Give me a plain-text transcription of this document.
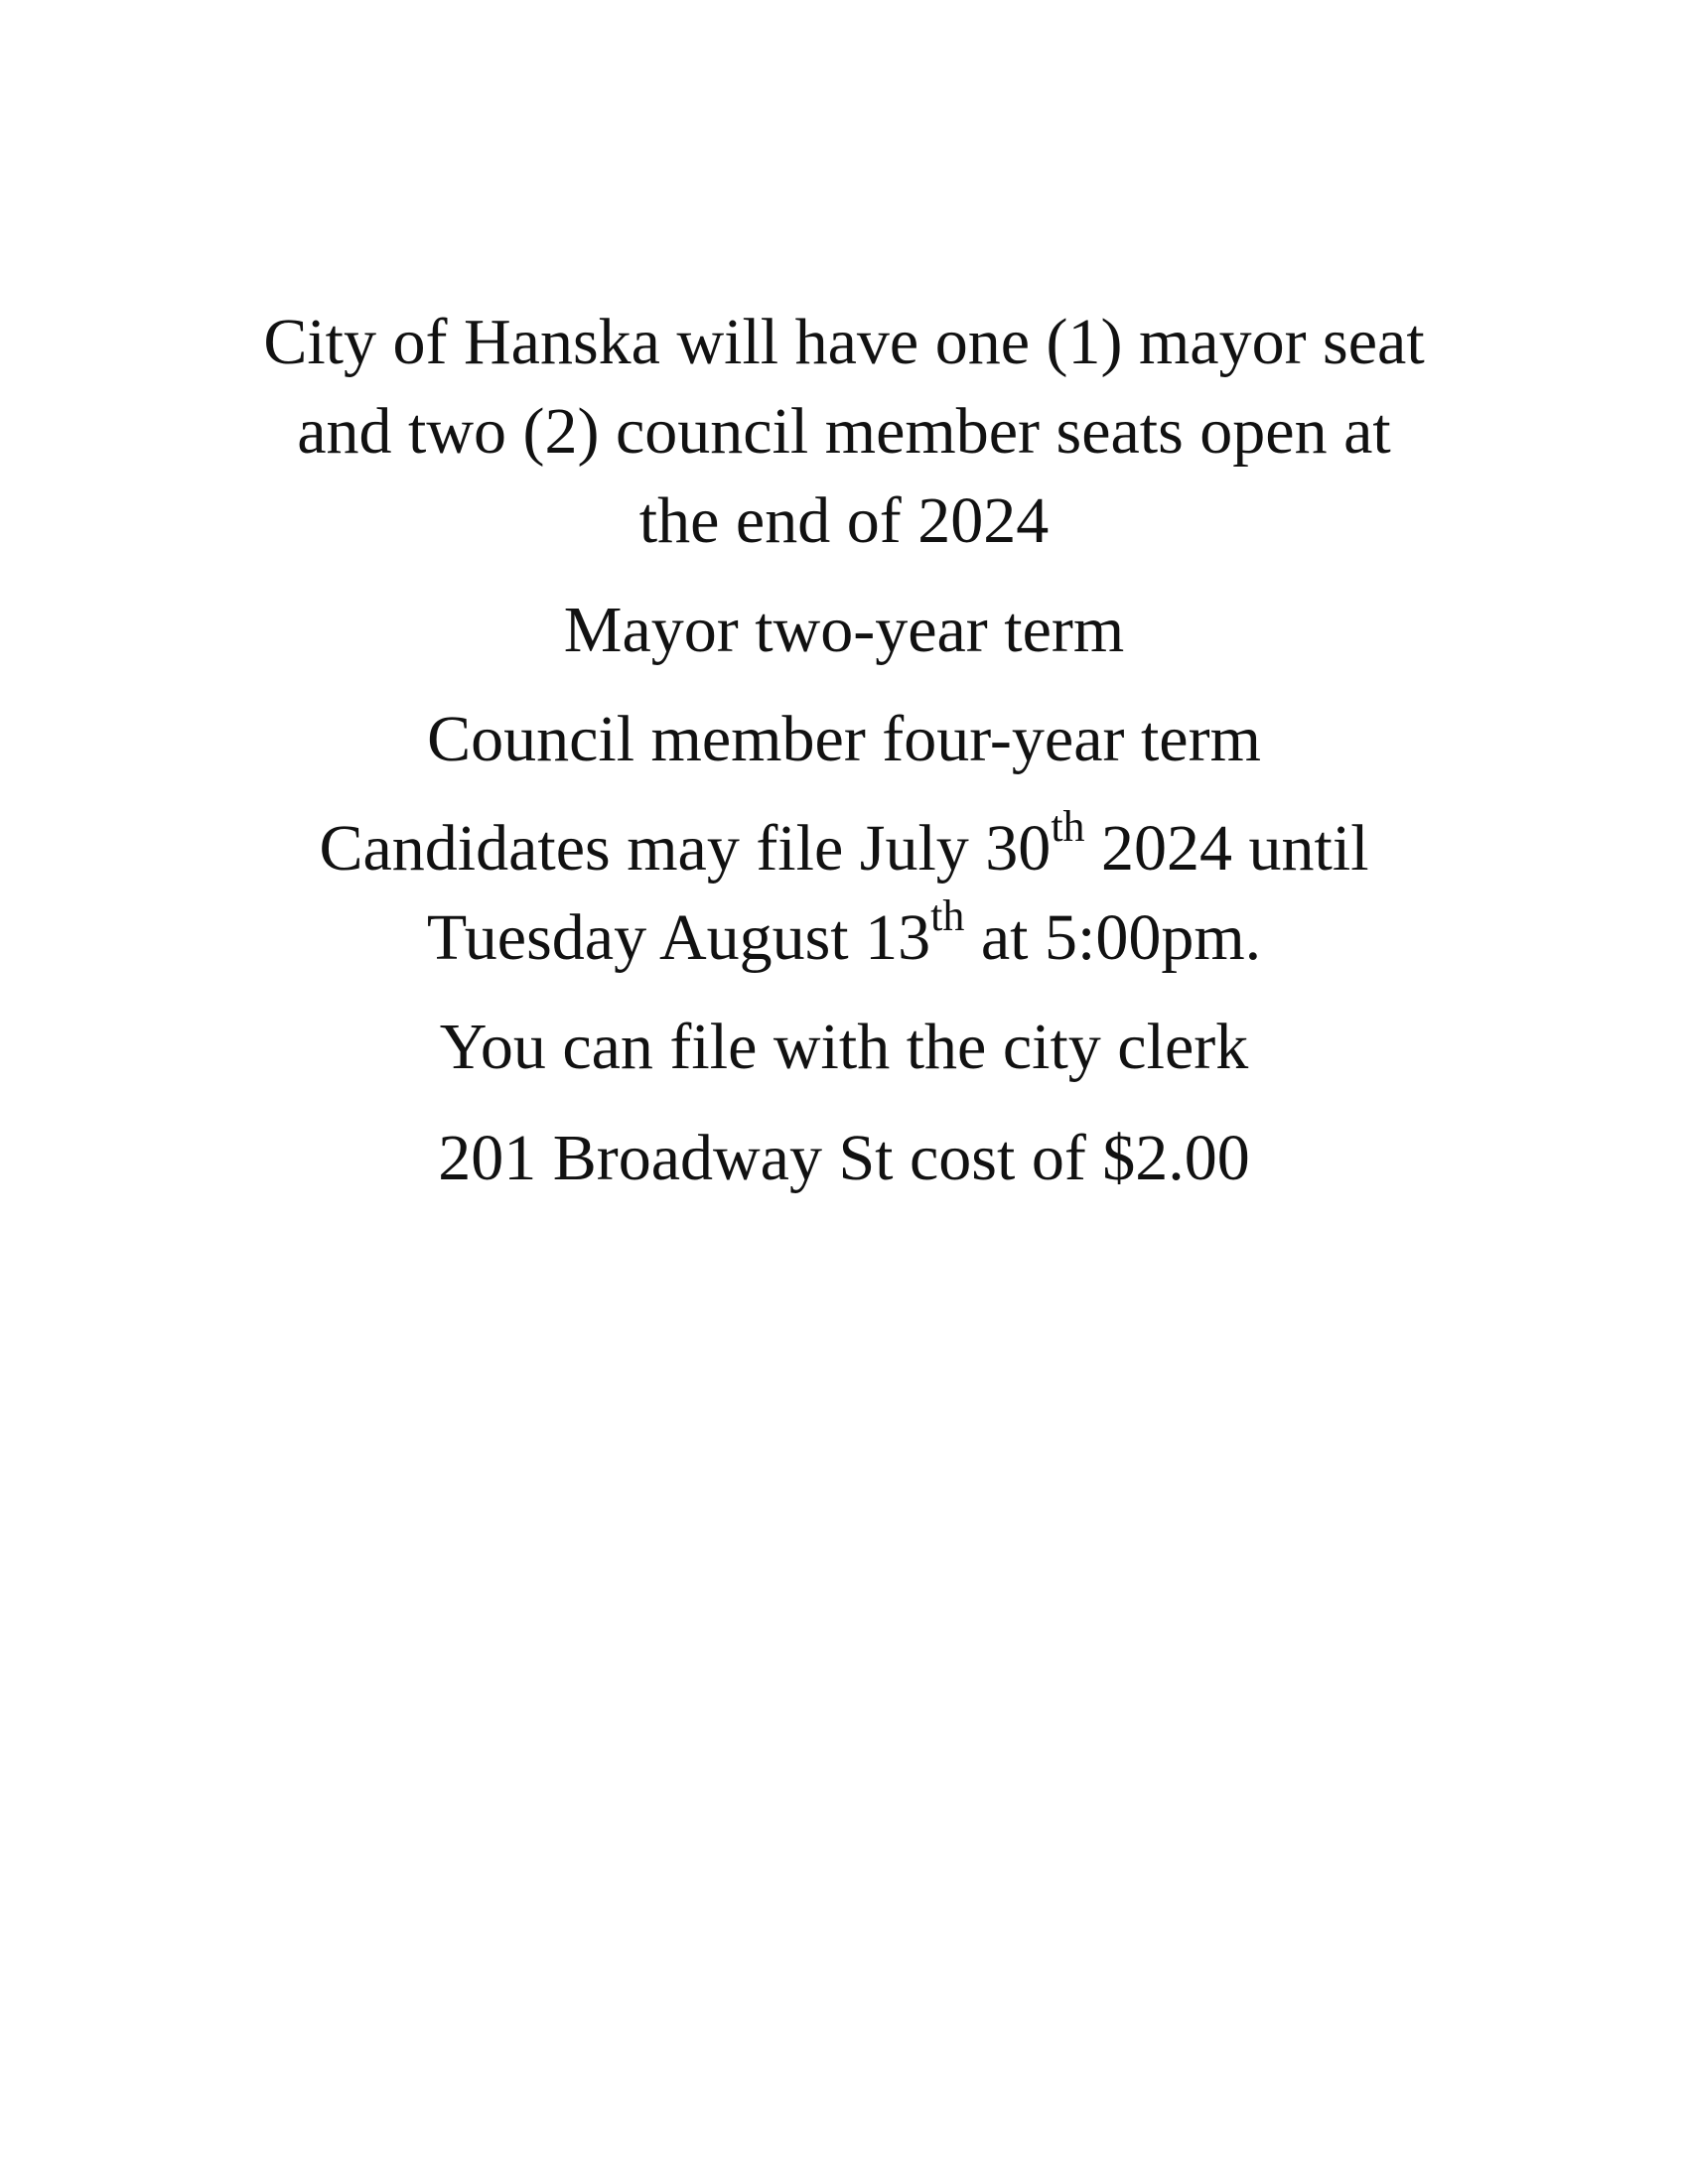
City of Hanska will have one (1) mayor seat

and two (2) council member seats open at

the end of 2024

Mayor two-year term

Council member four-year term

Candidates may file July 30th 2024 until

Tuesday August 13th at 5:00pm.

You can file with the city clerk

201 Broadway St cost of $2.00
